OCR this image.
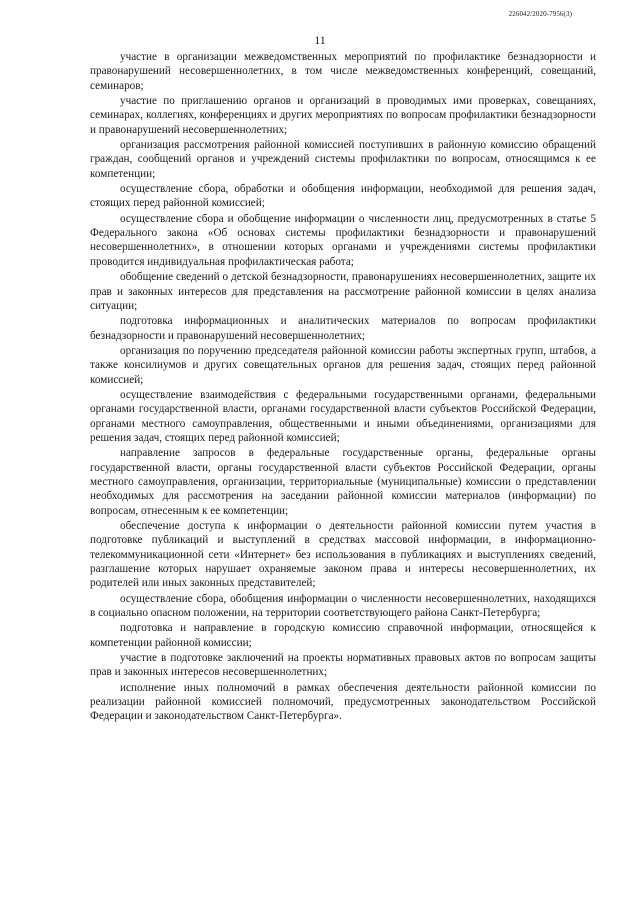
226042/2020-7956(3)
11

участие в организации межведомственных мероприятий по профилактике безнадзорности и правонарушений несовершеннолетних, в том числе межведомственных конференций, совещаний, семинаров;

участие по приглашению органов и организаций в проводимых ими проверках, совещаниях, семинарах, коллегиях, конференциях и других мероприятиях по вопросам профилактики безнадзорности и правонарушений несовершеннолетних;

организация рассмотрения районной комиссией поступивших в районную комиссию обращений граждан, сообщений органов и учреждений системы профилактики по вопросам, относящимся к ее компетенции;

осуществление сбора, обработки и обобщения информации, необходимой для решения задач, стоящих перед районной комиссией;

осуществление сбора и обобщение информации о численности лиц, предусмотренных в статье 5 Федерального закона «Об основах системы профилактики безнадзорности и правонарушений несовершеннолетних», в отношении которых органами и учреждениями системы профилактики проводится индивидуальная профилактическая работа;

обобщение сведений о детской безнадзорности, правонарушениях несовершеннолетних, защите их прав и законных интересов для представления на рассмотрение районной комиссии в целях анализа ситуации;

подготовка информационных и аналитических материалов по вопросам профилактики безнадзорности и правонарушений несовершеннолетних;

организация по поручению председателя районной комиссии работы экспертных групп, штабов, а также консилиумов и других совещательных органов для решения задач, стоящих перед районной комиссией;

осуществление взаимодействия с федеральными государственными органами, федеральными органами государственной власти, органами государственной власти субъектов Российской Федерации, органами местного самоуправления, общественными и иными объединениями, организациями для решения задач, стоящих перед районной комиссией;

направление запросов в федеральные государственные органы, федеральные органы государственной власти, органы государственной власти субъектов Российской Федерации, органы местного самоуправления, организации, территориальные (муниципальные) комиссии о представлении необходимых для рассмотрения на заседании районной комиссии материалов (информации) по вопросам, отнесенным к ее компетенции;

обеспечение доступа к информации о деятельности районной комиссии путем участия в подготовке публикаций и выступлений в средствах массовой информации, в информационно-телекоммуникационной сети «Интернет» без использования в публикациях и выступлениях сведений, разглашение которых нарушает охраняемые законом права и интересы несовершеннолетних, их родителей или иных законных представителей;

осуществление сбора, обобщения информации о численности несовершеннолетних, находящихся в социально опасном положении, на территории соответствующего района Санкт-Петербурга;

подготовка и направление в городскую комиссию справочной информации, относящейся к компетенции районной комиссии;

участие в подготовке заключений на проекты нормативных правовых актов по вопросам защиты прав и законных интересов несовершеннолетних;

исполнение иных полномочий в рамках обеспечения деятельности районной комиссии по реализации районной комиссией полномочий, предусмотренных законодательством Российской Федерации и законодательством Санкт-Петербурга».
